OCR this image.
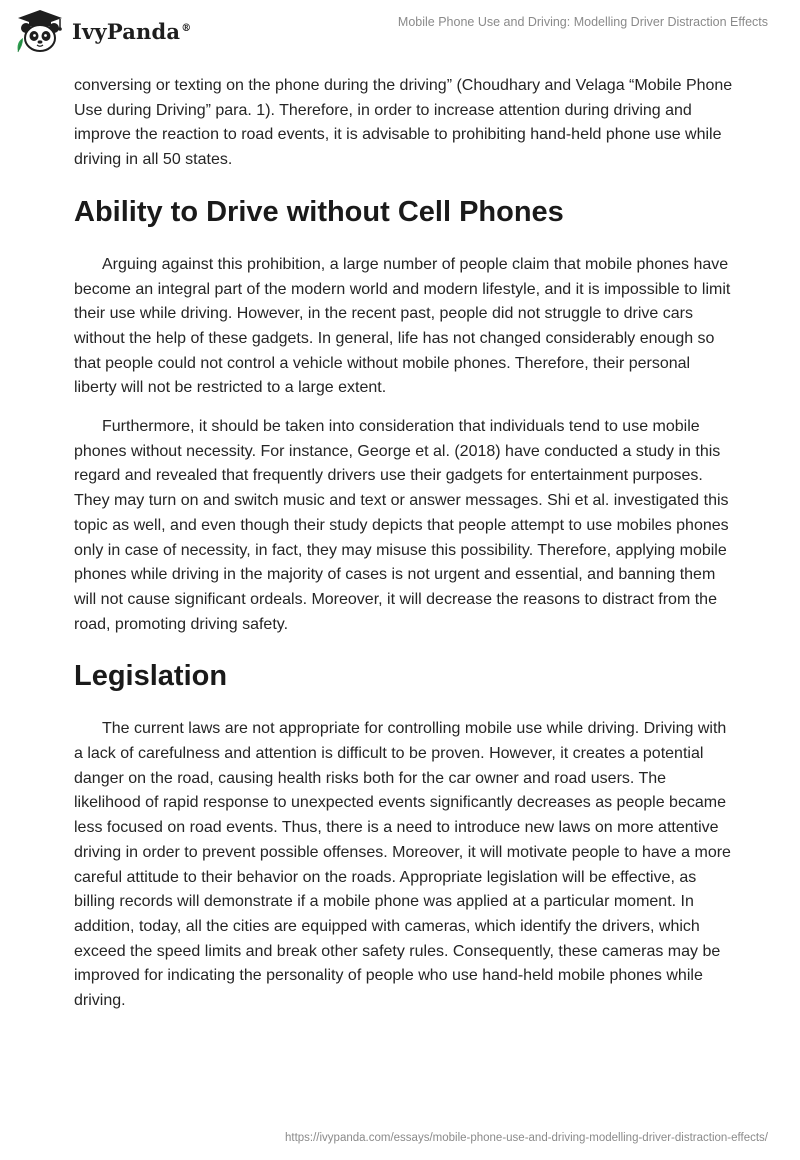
IvyPanda®	Mobile Phone Use and Driving: Modelling Driver Distraction Effects

conversing or texting on the phone during the driving” (Choudhary and Velaga “Mobile Phone Use during Driving” para. 1). Therefore, in order to increase attention during driving and improve the reaction to road events, it is advisable to prohibiting hand-held phone use while driving in all 50 states.

Ability to Drive without Cell Phones

Arguing against this prohibition, a large number of people claim that mobile phones have become an integral part of the modern world and modern lifestyle, and it is impossible to limit their use while driving. However, in the recent past, people did not struggle to drive cars without the help of these gadgets. In general, life has not changed considerably enough so that people could not control a vehicle without mobile phones. Therefore, their personal liberty will not be restricted to a large extent.

Furthermore, it should be taken into consideration that individuals tend to use mobile phones without necessity. For instance, George et al. (2018) have conducted a study in this regard and revealed that frequently drivers use their gadgets for entertainment purposes. They may turn on and switch music and text or answer messages. Shi et al. investigated this topic as well, and even though their study depicts that people attempt to use mobiles phones only in case of necessity, in fact, they may misuse this possibility. Therefore, applying mobile phones while driving in the majority of cases is not urgent and essential, and banning them will not cause significant ordeals. Moreover, it will decrease the reasons to distract from the road, promoting driving safety.

Legislation

The current laws are not appropriate for controlling mobile use while driving. Driving with a lack of carefulness and attention is difficult to be proven. However, it creates a potential danger on the road, causing health risks both for the car owner and road users. The likelihood of rapid response to unexpected events significantly decreases as people became less focused on road events. Thus, there is a need to introduce new laws on more attentive driving in order to prevent possible offenses. Moreover, it will motivate people to have a more careful attitude to their behavior on the roads. Appropriate legislation will be effective, as billing records will demonstrate if a mobile phone was applied at a particular moment. In addition, today, all the cities are equipped with cameras, which identify the drivers, which exceed the speed limits and break other safety rules. Consequently, these cameras may be improved for indicating the personality of people who use hand-held mobile phones while driving.

https://ivypanda.com/essays/mobile-phone-use-and-driving-modelling-driver-distraction-effects/
